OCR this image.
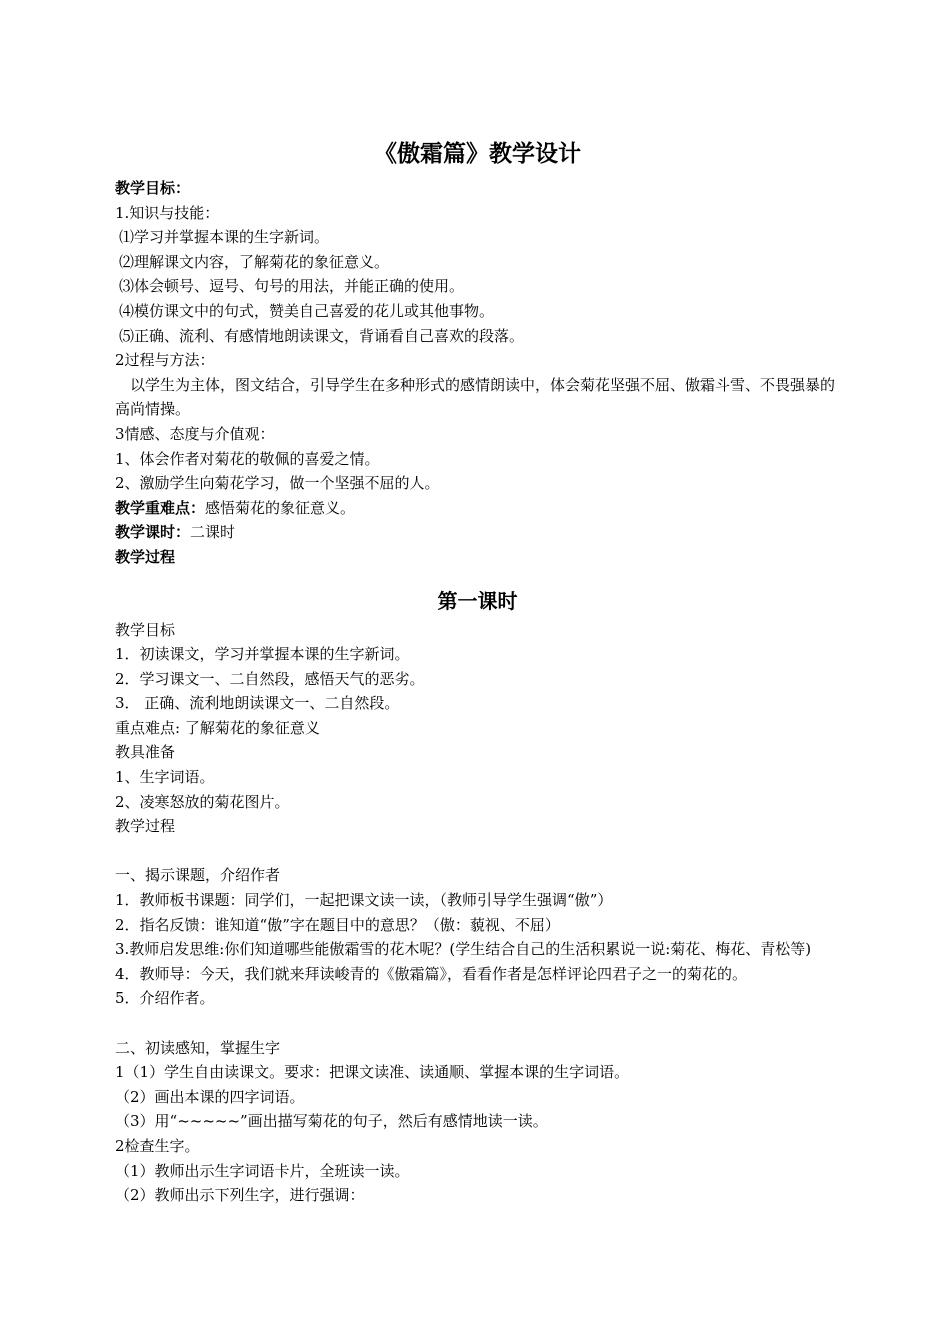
《傲霜篇》教学设计
教学目标：
1.知识与技能：
⑴学习并掌握本课的生字新词。
⑵理解课文内容，了解菊花的象征意义。
⑶体会顿号、逗号、句号的用法，并能正确的使用。
⑷模仿课文中的句式，赞美自己喜爱的花儿或其他事物。
⑸正确、流利、有感情地朗读课文，背诵看自己喜欢的段落。
2过程与方法：
以学生为主体，图文结合，引导学生在多种形式的感情朗读中，体会菊花坚强不屈、傲霜斗雪、不畏强暴的高尚情操。
3情感、态度与介值观：
1、体会作者对菊花的敬佩的喜爱之情。
2、激励学生向菊花学习，做一个坚强不屈的人。
教学重难点：感悟菊花的象征意义。
教学课时：二课时
教学过程
第一课时
教学目标
1．初读课文，学习并掌握本课的生字新词。
2．学习课文一、二自然段，感悟天气的恶劣。
3． 正确、流利地朗读课文一、二自然段。
重点难点: 了解菊花的象征意义
教具准备
1、生字词语。
2、凌寒怒放的菊花图片。
教学过程
一、揭示课题，介绍作者
1．教师板书课题：同学们，一起把课文读一读，（教师引导学生强调“傲”）
2．指名反馈：谁知道“傲”字在题目中的意思？（傲：藐视、不屈）
3.教师启发思维:你们知道哪些能傲霜雪的花木呢？(学生结合自己的生活积累说一说:菊花、梅花、青松等)
4．教师导：今天，我们就来拜读峻青的《傲霜篇》，看看作者是怎样评论四君子之一的菊花的。
5．介绍作者。
二、初读感知，掌握生字
1（1）学生自由读课文。要求：把课文读准、读通顺、掌握本课的生字词语。
（2）画出本课的四字词语。
（3）用“~~~~~”画出描写菊花的句子，然后有感情地读一读。
2检查生字。
（1）教师出示生字词语卡片，全班读一读。
（2）教师出示下列生字，进行强调：
